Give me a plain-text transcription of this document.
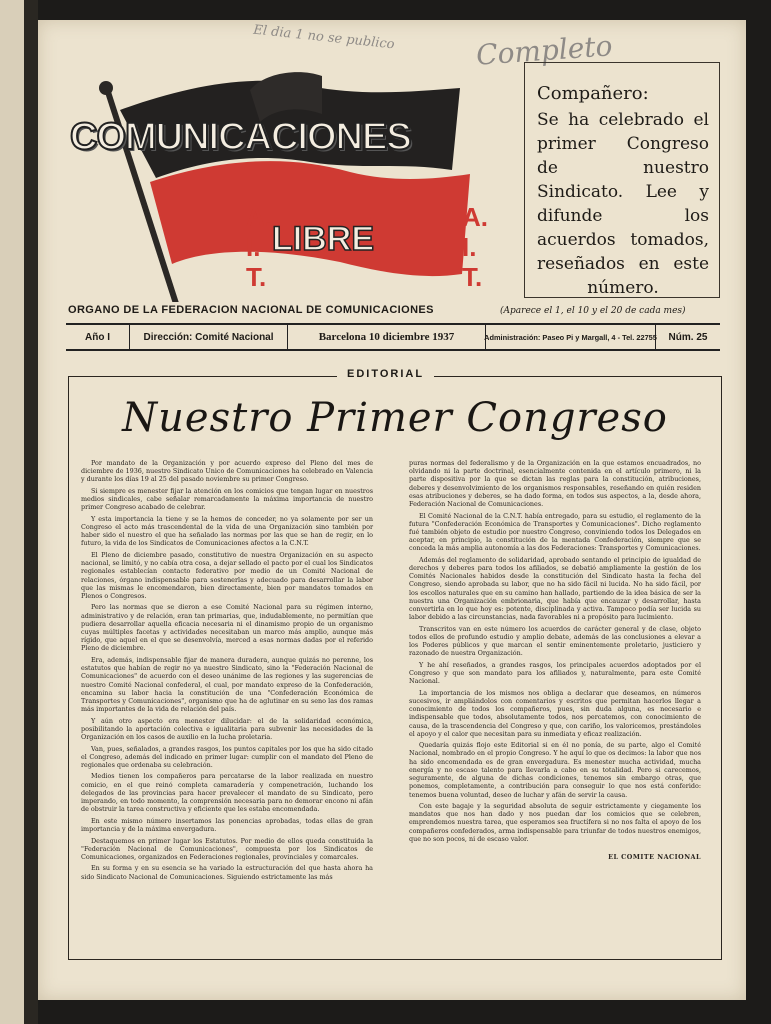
El dia 1 no se publico	Completo
COMUNICACIONES
A.
I.
T.
LIBRE
A.
I.
T.
Compañero:
Se ha celebrado el primer Congreso de nuestro Sindicato. Lee y difunde los acuerdos tomados, reseñados en este número.
ORGANO DE LA FEDERACION NACIONAL DE COMUNICACIONES	(Aparece el 1, el 10 y el 20 de cada mes)
Año I	Dirección: Comité Nacional	Barcelona 10 diciembre 1937	Administración: Paseo Pi y Margall, 4 - Tel. 22755	Núm. 25
EDITORIAL
Nuestro Primer Congreso

Por mandato de la Organización y por acuerdo expreso del Pleno del mes de diciembre de 1936, nuestro Sindicato Unico de Comunicaciones ha celebrado en Valencia y durante los días 19 al 25 del pasado noviembre su primer Congreso.

Si siempre es menester fijar la atención en los comicios que tengan lugar en nuestros medios sindicales, cabe señalar remarcadamente la máxima importancia de nuestro primer Congreso acabado de celebrar.

Y esta importancia la tiene y se la hemos de conceder, no ya solamente por ser un Congreso el acto más trascendental de la vida de una Organización sino también por haber sido el nuestro el que ha señalado las normas por las que se han de regir, en lo futuro, la vida de los Sindicatos de Comunicaciones afectos a la C.N.T.

El Pleno de diciembre pasado, constitutivo de nuestra Organización en su aspecto nacional, se limitó, y no cabía otra cosa, a dejar sellado el pacto por el cual los Sindicatos regionales establecían contacto federativo por medio de un Comité Nacional de relaciones, órgano indispensable para sostenerlas y adecuado para desarrollar la labor que las mismas le encomendaron, bien directamente, bien por mandatos tomados en Plenos o Congresos.

Pero las normas que se dieron a ese Comité Nacional para su régimen interno, administrativo y de relación, eran tan primarias, que, indudablemente, no permitían que pudiera desarrollar aquella eficacia necesaria ni el dinamismo propio de un organismo cuyas múltiples facetas y actividades necesitaban un marco más amplio, aunque más rígido, que aquel en el que se desenvolvía, merced a esas normas dadas por el referido Pleno de diciembre.

Era, además, indispensable fijar de manera duradera, aunque quizás no perenne, los estatutos que habían de regir no ya nuestro Sindicato, sino la "Federación Nacional de Comunicaciones" de acuerdo con el deseo unánime de las regiones y las sugerencias de nuestro Comité Nacional confederal, el cual, por mandato expreso de la Confederación, encamina su labor hacia la constitución de una "Confederación Económica de Transportes y Comunicaciones", organismo que ha de aglutinar en su seno las dos ramas más importantes de la vida de relación del país.

Y aún otro aspecto era menester dilucidar: el de la solidaridad económica, posibilitando la aportación colectiva e igualitaria para subvenir las necesidades de la Organización en los casos de auxilio en la lucha proletaria.

Van, pues, señalados, a grandes rasgos, los puntos capitales por los que ha sido citado el Congreso, además del indicado en primer lugar: cumplir con el mandato del Pleno de regionales que ordenaba su celebración.

Medios tienen los compañeros para percatarse de la labor realizada en nuestro comicio, en el que reinó completa camaradería y compenetración, luchando los delegados de las provincias para hacer prevalecer el mandato de su Sindicato, pero imperando, en todo momento, la comprensión necesaria para no demorar encono ni afán de obstruir la tarea constructiva y eficiente que les estaba encomendada.

En este mismo número insertamos las ponencias aprobadas, todas ellas de gran importancia y de la máxima envergadura.

Destaquemos en primer lugar los Estatutos. Por medio de ellos queda constituida la "Federación Nacional de Comunicaciones", compuesta por los Sindicatos de Comunicaciones, organizados en Federaciones regionales, provinciales y comarcales.

En su forma y en su esencia se ha variado la estructuración del que hasta ahora ha sido Sindicato Nacional de Comunicaciones. Siguiendo estrictamente las más

puras normas del federalismo y de la Organización en la que estamos encuadrados, no olvidando ni la parte doctrinal, esencialmente contenida en el artículo primero, ni la parte dispositiva por la que se dictan las reglas para la constitución, atribuciones, deberes y desenvolvimiento de los organismos responsables, reseñando en quién residen esas atribuciones y deberes, se ha dado forma, en todos sus aspectos, a la, desde ahora, Federación Nacional de Comunicaciones.

El Comité Nacional de la C.N.T. había entregado, para su estudio, el reglamento de la futura "Confederación Económica de Transportes y Comunicaciones". Dicho reglamento fué también objeto de estudio por nuestro Congreso, conviniendo todos los Delegados en aceptar, en principio, la constitución de la mentada Confederación, siempre que se conceda la más amplia autonomía a las dos Federaciones: Transportes y Comunicaciones.

Además del reglamento de solidaridad, aprobado sentando el principio de igualdad de derechos y deberes para todos los afiliados, se debatió ampliamente la gestión de los Comités Nacionales habidos desde la constitución del Sindicato hasta la fecha del Congreso, siendo aprobada su labor, que no ha sido fácil ni lucida. No ha sido fácil, por los escollos naturales que en su camino han hallado, partiendo de la idea básica de ser la nuestra una Organización embrionaria, que había que encauzar y desarrollar, hasta convertirla en lo que hoy es: potente, disciplinada y activa. Tampoco podía ser lucida su labor debido a las circunstancias, nada favorables ni a propósito para lucimiento.

Transcritos van en este número los acuerdos de carácter general y de clase, objeto todos ellos de profundo estudio y amplio debate, además de las conclusiones a elevar a los Poderes públicos y que marcan el sentir eminentemente proletario, justiciero y razonado de nuestra Organización.

Y he ahí reseñados, a grandes rasgos, los principales acuerdos adoptados por el Congreso y que son mandato para los afiliados y, naturalmente, para este Comité Nacional.

La importancia de los mismos nos obliga a declarar que deseamos, en números sucesivos, ir ampliándolos con comentarios y escritos que permitan hacerlos llegar a conocimiento de todos los compañeros, pues, sin duda alguna, es necesario e indispensable que todos, absolutamente todos, nos percatemos, con conocimiento de causa, de la trascendencia del Congreso y que, con cariño, los valoricemos, prestándoles el apoyo y el calor que necesitan para su inmediata y eficaz realización.

Quedaría quizás flojo este Editorial si en él no ponía, de su parte, algo el Comité Nacional, nombrado en el propio Congreso. Y he aquí lo que os decimos: la labor que nos ha sido encomendada es de gran envergadura. Es menester mucha actividad, mucha energía y no escaso talento para llevarla a cabo en su totalidad. Pero si carecemos, seguramente, de alguna de dichas condiciones, tenemos sin embargo otras, que ponemos, completamente, a contribución para conseguir lo que nos está conferido: tenemos buena voluntad, deseo de luchar y afán de servir la causa.

Con este bagaje y la seguridad absoluta de seguir estrictamente y ciegamente los mandatos que nos han dado y nos puedan dar los comicios que se celebren, emprendemos nuestra tarea, que esperamos sea fructífera si no nos falta el apoyo de los compañeros confederados, arma indispensable para triunfar de todos nuestros enemigos, que no son pocos, ni de escaso valor.

EL COMITE NACIONAL
